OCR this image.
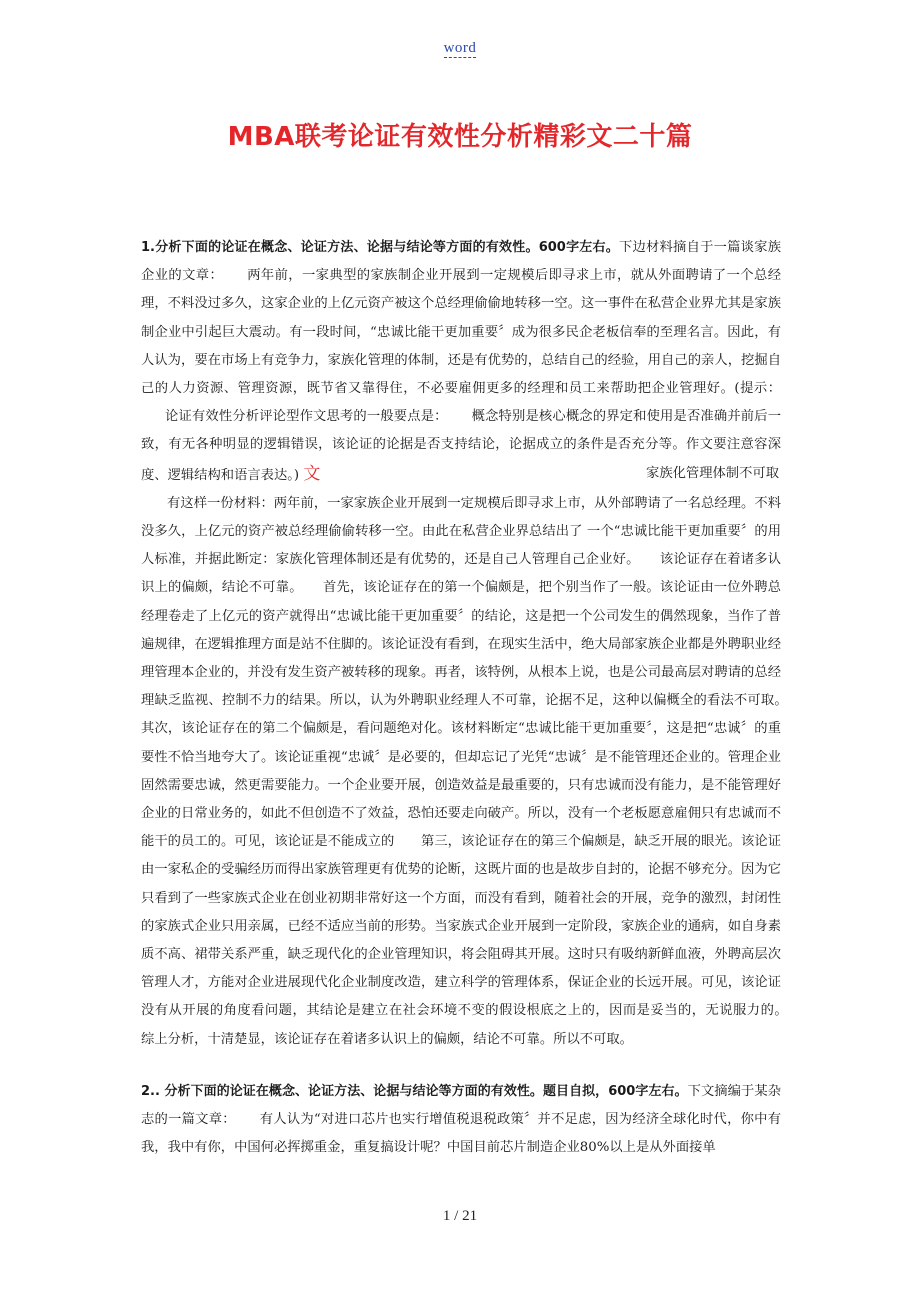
word
MBA联考论证有效性分析精彩文二十篇

1.分析下面的论证在概念、论证方法、论据与结论等方面的有效性。600字左右。下边材料摘自于一篇谈家族企业的文章： 两年前，一家典型的家族制企业开展到一定规模后即寻求上市，就从外面聘请了一个总经理，不料没过多久，这家企业的上亿元资产被这个总经理偷偷地转移一空。这一事件在私营企业界尤其是家族制企业中引起巨大震动。有一段时间，“忠诚比能干更加重要〞成为很多民企老板信奉的至理名言。因此，有人认为，要在市场上有竞争力，家族化管理的体制，还是有优势的，总结自己的经验，用自己的亲人，挖掘自己的人力资源、管理资源，既节省又靠得住，不必要雇佣更多的经理和员工来帮助把企业管理好。(提示：论证有效性分析评论型作文思考的一般要点是： 概念特别是核心概念的界定和使用是否准确并前后一致，有无各种明显的逻辑错误，该论证的论据是否支持结论，论据成立的条件是否充分等。作文要注意容深度、逻辑结构和语言表达。) 文	家族化管理体制不可取

有这样一份材料：两年前，一家家族企业开展到一定规模后即寻求上市，从外部聘请了一名总经理。不料没多久，上亿元的资产被总经理偷偷转移一空。由此在私营企业界总结出了 一个“忠诚比能干更加重要〞的用人标准，并据此断定：家族化管理体制还是有优势的，还是自己人管理自己企业好。　　该论证存在着诸多认识上的偏颇，结论不可靠。　　首先，该论证存在的第一个偏颇是，把个别当作了一般。该论证由一位外聘总经理卷走了上亿元的资产就得出“忠诚比能干更加重要〞的结论，这是把一个公司发生的偶然现象，当作了普遍规律，在逻辑推理方面是站不住脚的。该论证没有看到，在现实生活中，绝大局部家族企业都是外聘职业经理管理本企业的，并没有发生资产被转移的现象。再者，该特例，从根本上说，也是公司最高层对聘请的总经理缺乏监视、控制不力的结果。所以，认为外聘职业经理人不可靠，论据不足，这种以偏概全的看法不可取。　　其次，该论证存在的第二个偏颇是，看问题绝对化。该材料断定“忠诚比能干更加重要〞，这是把“忠诚〞的重要性不恰当地夸大了。该论证重视“忠诚〞是必要的，但却忘记了光凭“忠诚〞是不能管理还企业的。管理企业固然需要忠诚，然更需要能力。一个企业要开展，创造效益是最重要的，只有忠诚而没有能力，是不能管理好企业的日常业务的，如此不但创造不了效益，恐怕还要走向破产。所以，没有一个老板愿意雇佣只有忠诚而不能干的员工的。可见，该论证是不能成立的　　第三，该论证存在的第三个偏颇是，缺乏开展的眼光。该论证由一家私企的受骗经历而得出家族管理更有优势的论断，这既片面的也是故步自封的，论据不够充分。因为它只看到了一些家族式企业在创业初期非常好这一个方面，而没有看到，随着社会的开展，竞争的激烈，封闭性的家族式企业只用亲属，已经不适应当前的形势。当家族式企业开展到一定阶段，家族企业的通病，如自身素质不高、裙带关系严重，缺乏现代化的企业管理知识，将会阻碍其开展。这时只有吸纳新鲜血液，外聘高层次管理人才，方能对企业进展现代化企业制度改造，建立科学的管理体系，保证企业的长远开展。可见，该论证没有从开展的角度看问题，其结论是建立在社会环境不变的假设根底之上的，因而是妥当的，无说服力的。　　综上分析，十清楚显，该论证存在着诸多认识上的偏颇，结论不可靠。所以不可取。

2.. 分析下面的论证在概念、论证方法、论据与结论等方面的有效性。题目自拟，600字左右。下文摘编于某杂志的一篇文章： 有人认为“对进口芯片也实行增值税退税政策〞并不足虑，因为经济全球化时代，你中有我，我中有你，中国何必挥掷重金，重复搞设计呢？中国目前芯片制造企业80%以上是从外面接单

1 / 21
